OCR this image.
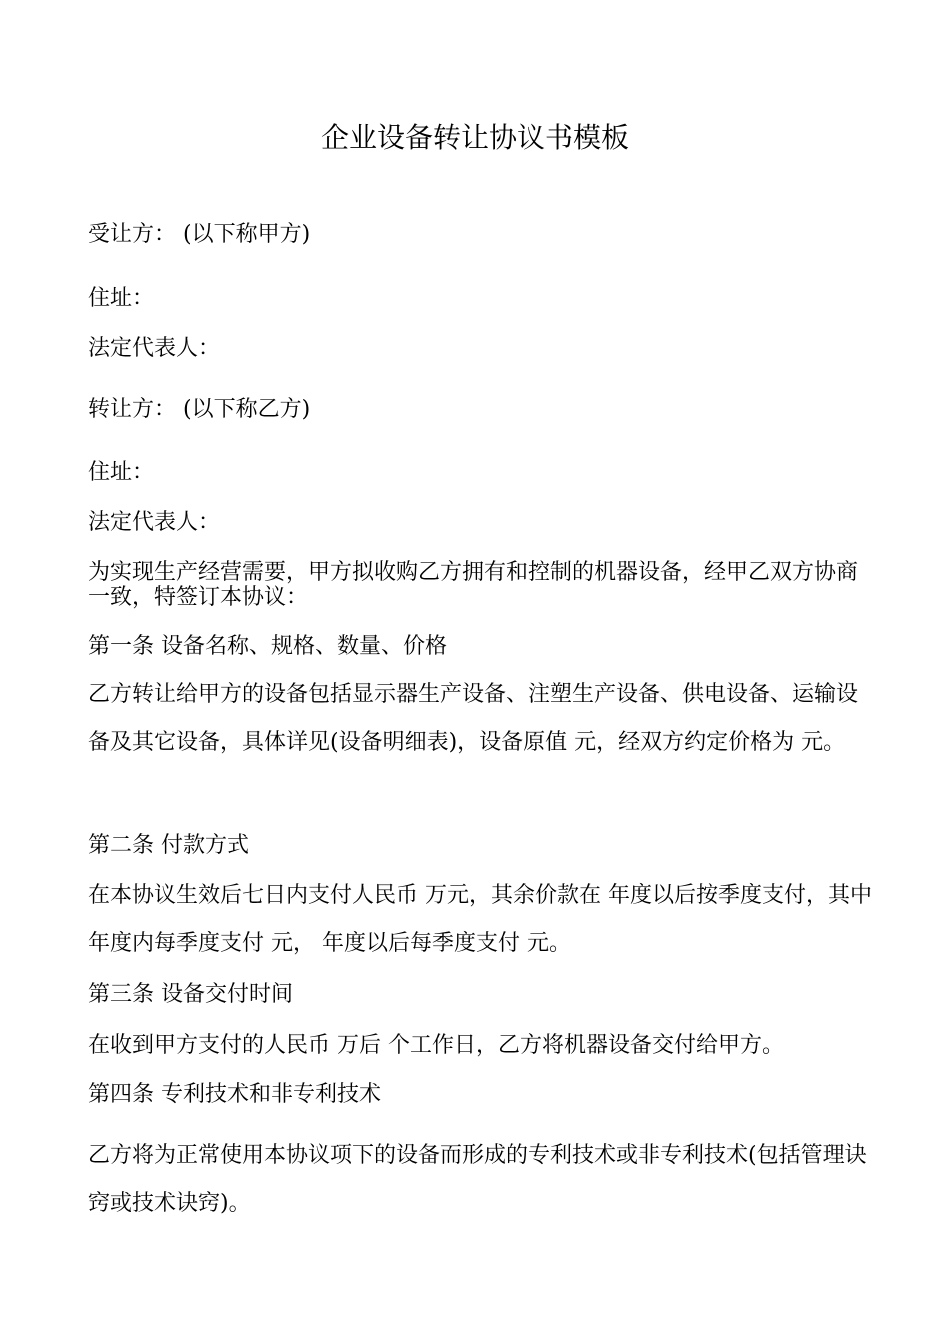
企业设备转让协议书模板

受让方： (以下称甲方)

住址：

法定代表人：

转让方： (以下称乙方)

住址：

法定代表人：

为实现生产经营需要，甲方拟收购乙方拥有和控制的机器设备，经甲乙双方协商一致，特签订本协议：

第一条 设备名称、规格、数量、价格

乙方转让给甲方的设备包括显示器生产设备、注塑生产设备、供电设备、运输设备及其它设备，具体详见(设备明细表)，设备原值 元，经双方约定价格为 元。

第二条 付款方式

在本协议生效后七日内支付人民币 万元，其余价款在 年度以后按季度支付，其中 年度内每季度支付 元， 年度以后每季度支付 元。

第三条 设备交付时间

在收到甲方支付的人民币 万后 个工作日，乙方将机器设备交付给甲方。

第四条 专利技术和非专利技术

乙方将为正常使用本协议项下的设备而形成的专利技术或非专利技术(包括管理诀窍或技术诀窍)。
